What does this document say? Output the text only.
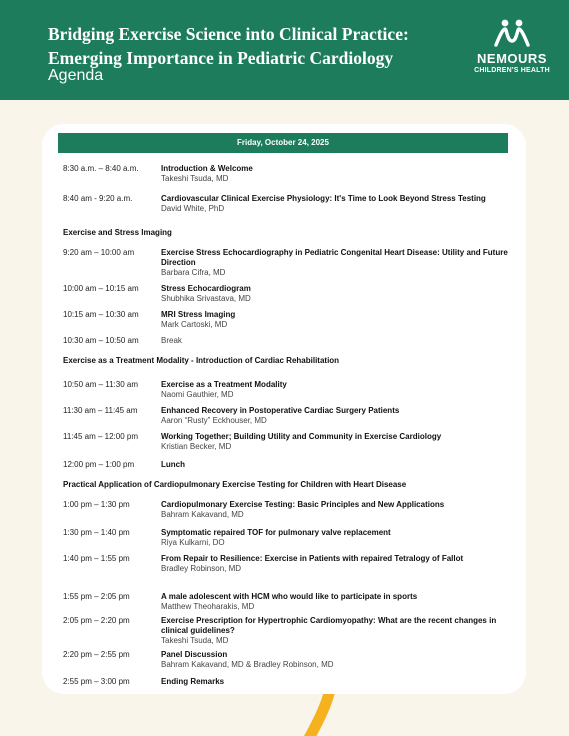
Bridging Exercise Science into Clinical Practice:
Emerging Importance in Pediatric Cardiology

Agenda

NEMOURS
CHILDREN'S HEALTH
Friday, October 24, 2025
8:30 a.m. – 8:40 a.m.	Introduction & Welcome
Takeshi Tsuda, MD
8:40 am - 9:20 a.m.	Cardiovascular Clinical Exercise Physiology: It's Time to Look Beyond Stress Testing
David White, PhD
Exercise and Stress Imaging
9:20 am – 10:00 am	Exercise Stress Echocardiography in Pediatric Congenital Heart Disease: Utility and Future Direction
Barbara Cifra, MD
10:00 am – 10:15 am	Stress Echocardiogram
Shubhika Srivastava, MD
10:15 am – 10:30 am	MRI Stress Imaging
Mark Cartoski, MD
10:30 am – 10:50 am	Break
Exercise as a Treatment Modality - Introduction of Cardiac Rehabilitation
10:50 am – 11:30 am	Exercise as a Treatment Modality
Naomi Gauthier, MD
11:30 am – 11:45 am	Enhanced Recovery in Postoperative Cardiac Surgery Patients
Aaron “Rusty” Eckhouser, MD
11:45 am – 12:00 pm	Working Together; Building Utility and Community in Exercise Cardiology
Kristian Becker, MD
12:00 pm – 1:00 pm	Lunch
Practical Application of Cardiopulmonary Exercise Testing for Children with Heart Disease
1:00 pm – 1:30 pm	Cardiopulmonary Exercise Testing: Basic Principles and New Applications
Bahram Kakavand, MD
1:30 pm – 1:40 pm	Symptomatic repaired TOF for pulmonary valve replacement
Riya Kulkarni, DO
1:40 pm – 1:55 pm	From Repair to Resilience: Exercise in Patients with repaired Tetralogy of Fallot
Bradley Robinson, MD
1:55 pm – 2:05 pm	A male adolescent with HCM who would like to participate in sports
Matthew Theoharakis, MD
2:05 pm – 2:20 pm	Exercise Prescription for Hypertrophic Cardiomyopathy: What are the recent changes in clinical guidelines?
Takeshi Tsuda, MD
2:20 pm – 2:55 pm	Panel Discussion
Bahram Kakavand, MD & Bradley Robinson, MD
2:55 pm – 3:00 pm	Ending Remarks
